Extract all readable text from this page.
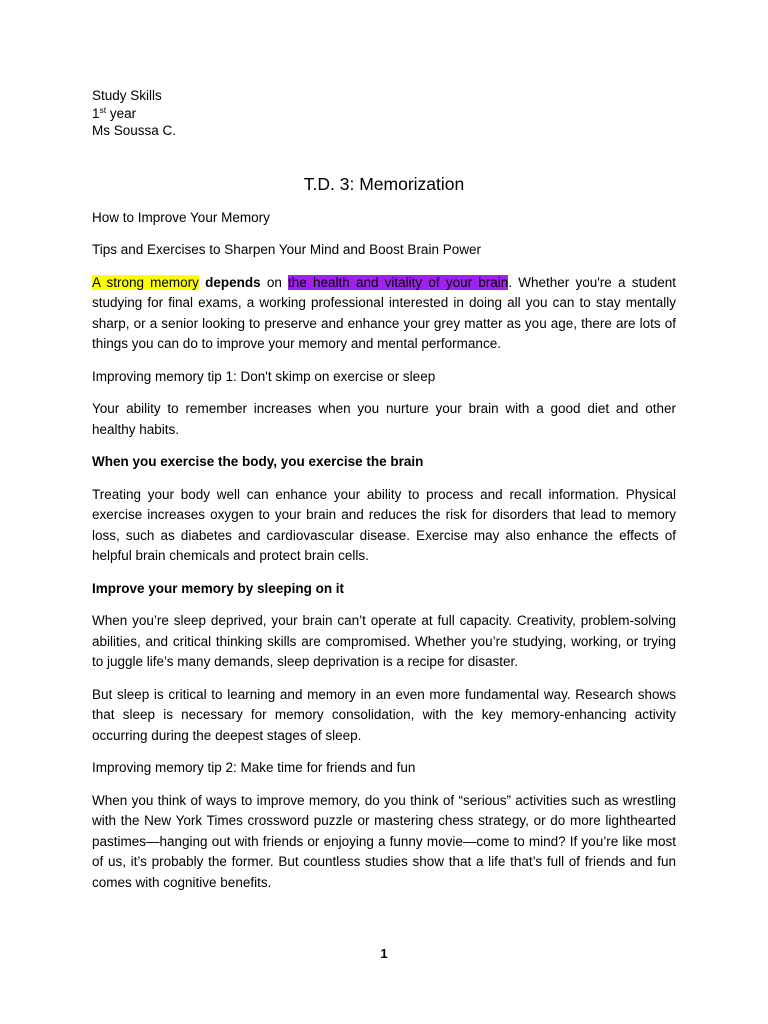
Study Skills

1st year

Ms Soussa C.

T.D. 3: Memorization

How to Improve Your Memory

Tips and Exercises to Sharpen Your Mind and Boost Brain Power

A strong memory depends on the health and vitality of your brain. Whether you're a student studying for final exams, a working professional interested in doing all you can to stay mentally sharp, or a senior looking to preserve and enhance your grey matter as you age, there are lots of things you can do to improve your memory and mental performance.

Improving memory tip 1: Don't skimp on exercise or sleep

Your ability to remember increases when you nurture your brain with a good diet and other healthy habits.

When you exercise the body, you exercise the brain

Treating your body well can enhance your ability to process and recall information. Physical exercise increases oxygen to your brain and reduces the risk for disorders that lead to memory loss, such as diabetes and cardiovascular disease. Exercise may also enhance the effects of helpful brain chemicals and protect brain cells.

Improve your memory by sleeping on it

When you’re sleep deprived, your brain can’t operate at full capacity. Creativity, problem-solving abilities, and critical thinking skills are compromised. Whether you’re studying, working, or trying to juggle life’s many demands, sleep deprivation is a recipe for disaster.

But sleep is critical to learning and memory in an even more fundamental way. Research shows that sleep is necessary for memory consolidation, with the key memory-enhancing activity occurring during the deepest stages of sleep.

Improving memory tip 2: Make time for friends and fun

When you think of ways to improve memory, do you think of “serious” activities such as wrestling with the New York Times crossword puzzle or mastering chess strategy, or do more lighthearted pastimes—hanging out with friends or enjoying a funny movie—come to mind? If you’re like most of us, it’s probably the former. But countless studies show that a life that’s full of friends and fun comes with cognitive benefits.

1
